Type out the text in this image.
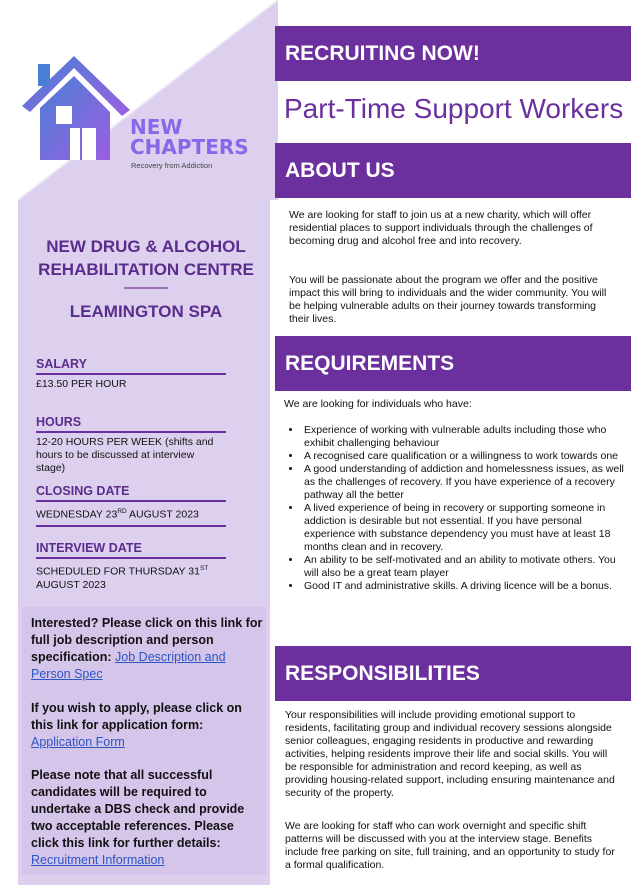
NEW
CHAPTERS
Recovery from Addiction
NEW DRUG & ALCOHOL REHABILITATION CENTRE
LEAMINGTON SPA
SALARY
£13.50 PER HOUR
HOURS
12-20 HOURS PER WEEK (shifts and hours to be discussed at interview stage)
CLOSING DATE
WEDNESDAY 23RD AUGUST 2023
INTERVIEW DATE
SCHEDULED FOR THURSDAY 31ST AUGUST 2023

Interested? Please click on this link for full job description and person specification: Job Description and Person Spec

If you wish to apply, please click on this link for application form: Application Form

Please note that all successful candidates will be required to undertake a DBS check and provide two acceptable references. Please click this link for further details: Recruitment Information

RECRUITING NOW!
Part-Time Support Workers
ABOUT US

We are looking for staff to join us at a new charity, which will offer residential places to support individuals through the challenges of becoming drug and alcohol free and into recovery.

You will be passionate about the program we offer and the positive impact this will bring to individuals and the wider community. You will be helping vulnerable adults on their journey towards transforming their lives.

REQUIREMENTS

We are looking for individuals who have:

• Experience of working with vulnerable adults including those who exhibit challenging behaviour
• A recognised care qualification or a willingness to work towards one
• A good understanding of addiction and homelessness issues, as well as the challenges of recovery. If you have experience of a recovery pathway all the better
• A lived experience of being in recovery or supporting someone in addiction is desirable but not essential. If you have personal experience with substance dependency you must have at least 18 months clean and in recovery.
• An ability to be self-motivated and an ability to motivate others. You will also be a great team player
• Good IT and administrative skills. A driving licence will be a bonus.
RESPONSIBILITIES

Your responsibilities will include providing emotional support to residents, facilitating group and individual recovery sessions alongside senior colleagues, engaging residents in productive and rewarding activities, helping residents improve their life and social skills. You will be responsible for administration and record keeping, as well as providing housing-related support, including ensuring maintenance and security of the property.

We are looking for staff who can work overnight and specific shift patterns will be discussed with you at the interview stage. Benefits include free parking on site, full training, and an opportunity to study for a formal qualification.
